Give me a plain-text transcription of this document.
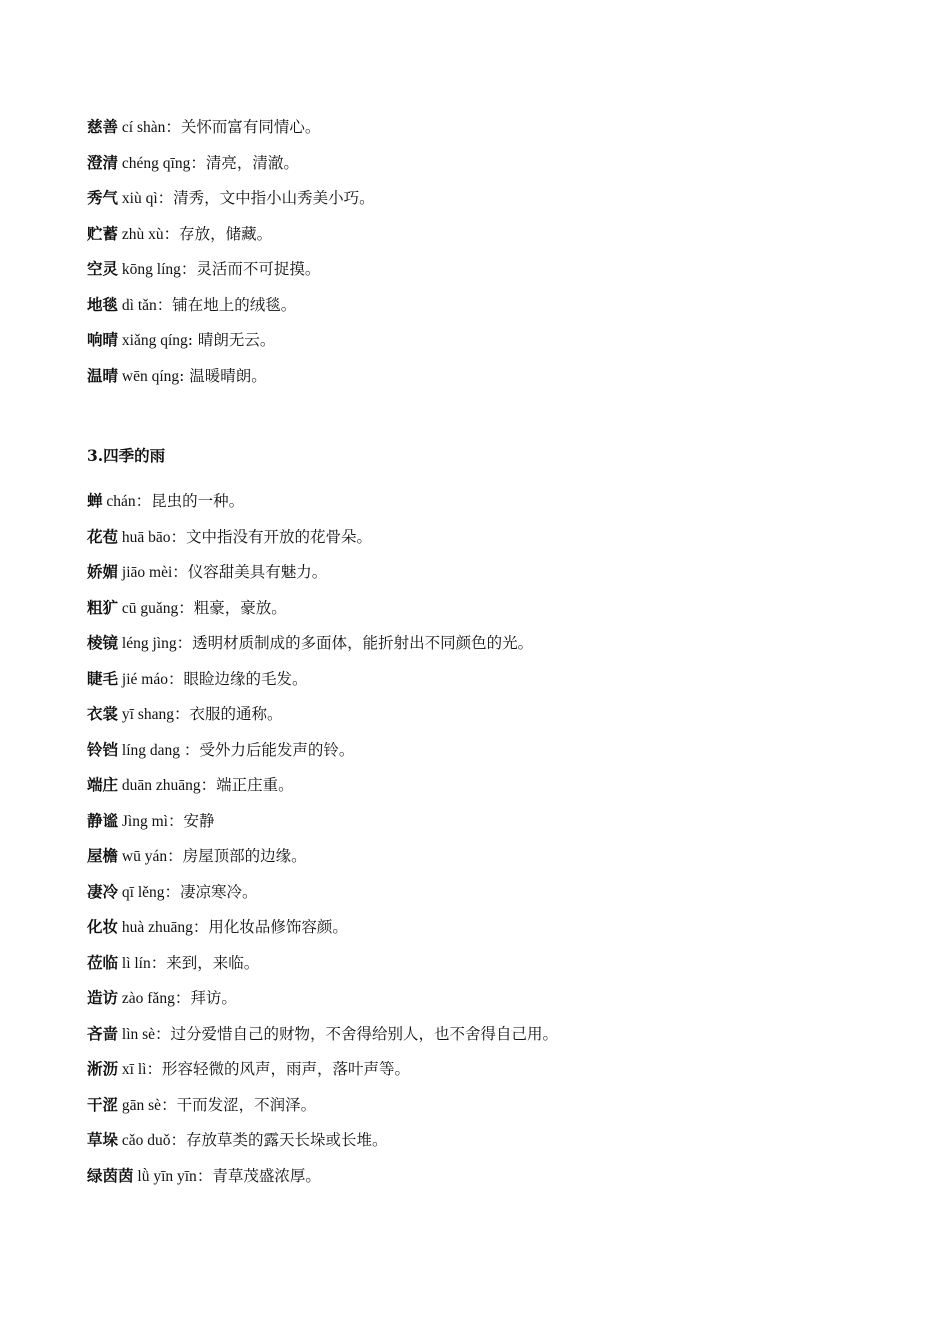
慈善 cí shàn：关怀而富有同情心。
澄清 chéng qīng：清亮，清澈。
秀气 xiù qì：清秀，文中指小山秀美小巧。
贮蓄 zhù xù：存放，储藏。
空灵 kōng líng：灵活而不可捉摸。
地毯 dì tǎn：铺在地上的绒毯。
响晴 xiǎng qíng: 晴朗无云。
温晴 wēn qíng: 温暖晴朗。
3.四季的雨
蝉 chán：昆虫的一种。
花苞 huā bāo：文中指没有开放的花骨朵。
娇媚 jiāo mèi：仪容甜美具有魅力。
粗犷 cū guǎng：粗豪，豪放。
棱镜 léng jìng：透明材质制成的多面体，能折射出不同颜色的光。
睫毛 jié máo：眼睑边缘的毛发。
衣裳 yī shang：衣服的通称。
铃铛 líng dang ：受外力后能发声的铃。
端庄 duān zhuāng：端正庄重。
静谧 Jìng mì：安静
屋檐 wū yán：房屋顶部的边缘。
凄冷 qī lěng：凄凉寒冷。
化妆 huà zhuāng：用化妆品修饰容颜。
莅临 lì lín：来到，来临。
造访 zào fǎng：拜访。
吝啬 lìn sè：过分爱惜自己的财物，不舍得给别人，也不舍得自己用。
淅沥 xī lì：形容轻微的风声，雨声，落叶声等。
干涩 gān sè：干而发涩，不润泽。
草垛 cǎo duǒ：存放草类的露天长垛或长堆。
绿茵茵 lǜ yīn yīn：青草茂盛浓厚。
